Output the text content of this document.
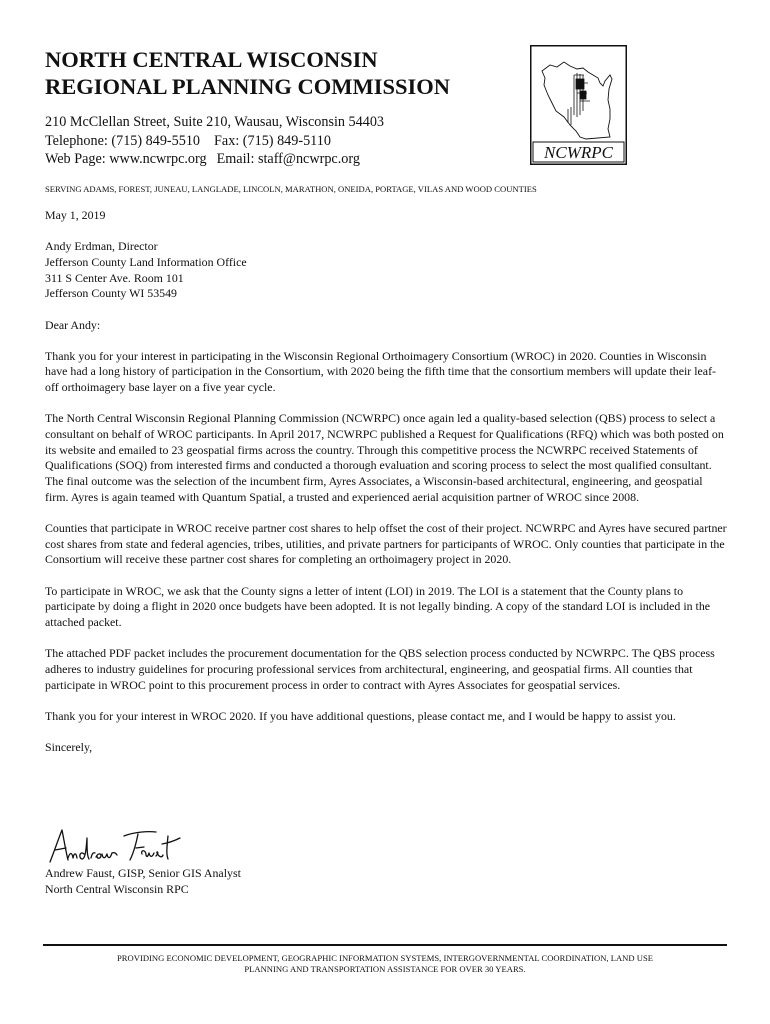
NORTH CENTRAL WISCONSIN
REGIONAL PLANNING COMMISSION
210 McClellan Street, Suite 210, Wausau, Wisconsin 54403
Telephone: (715) 849-5510 Fax: (715) 849-5110
Web Page: www.ncwrpc.org Email: staff@ncwrpc.org	NCWRPC
SERVING ADAMS, FOREST, JUNEAU, LANGLADE, LINCOLN, MARATHON, ONEIDA, PORTAGE, VILAS AND WOOD COUNTIES

May 1, 2019

Andy Erdman, Director
Jefferson County Land Information Office
311 S Center Ave. Room 101
Jefferson County WI 53549

Dear Andy:

Thank you for your interest in participating in the Wisconsin Regional Orthoimagery Consortium (WROC) in 2020. Counties in Wisconsin have had a long history of participation in the Consortium, with 2020 being the fifth time that the consortium members will update their leaf-off orthoimagery base layer on a five year cycle.

The North Central Wisconsin Regional Planning Commission (NCWRPC) once again led a quality-based selection (QBS) process to select a consultant on behalf of WROC participants. In April 2017, NCWRPC published a Request for Qualifications (RFQ) which was both posted on its website and emailed to 23 geospatial firms across the country. Through this competitive process the NCWRPC received Statements of Qualifications (SOQ) from interested firms and conducted a thorough evaluation and scoring process to select the most qualified consultant. The final outcome was the selection of the incumbent firm, Ayres Associates, a Wisconsin-based architectural, engineering, and geospatial firm. Ayres is again teamed with Quantum Spatial, a trusted and experienced aerial acquisition partner of WROC since 2008.

Counties that participate in WROC receive partner cost shares to help offset the cost of their project. NCWRPC and Ayres have secured partner cost shares from state and federal agencies, tribes, utilities, and private partners for participants of WROC. Only counties that participate in the Consortium will receive these partner cost shares for completing an orthoimagery project in 2020.

To participate in WROC, we ask that the County signs a letter of intent (LOI) in 2019. The LOI is a statement that the County plans to participate by doing a flight in 2020 once budgets have been adopted. It is not legally binding. A copy of the standard LOI is included in the attached packet.

The attached PDF packet includes the procurement documentation for the QBS selection process conducted by NCWRPC. The QBS process adheres to industry guidelines for procuring professional services from architectural, engineering, and geospatial firms. All counties that participate in WROC point to this procurement process in order to contract with Ayres Associates for geospatial services.

Thank you for your interest in WROC 2020. If you have additional questions, please contact me, and I would be happy to assist you.

Sincerely,

Andrew Faust, GISP, Senior GIS Analyst
North Central Wisconsin RPC
PROVIDING ECONOMIC DEVELOPMENT, GEOGRAPHIC INFORMATION SYSTEMS, INTERGOVERNMENTAL COORDINATION, LAND USE
PLANNING AND TRANSPORTATION ASSISTANCE FOR OVER 30 YEARS.
